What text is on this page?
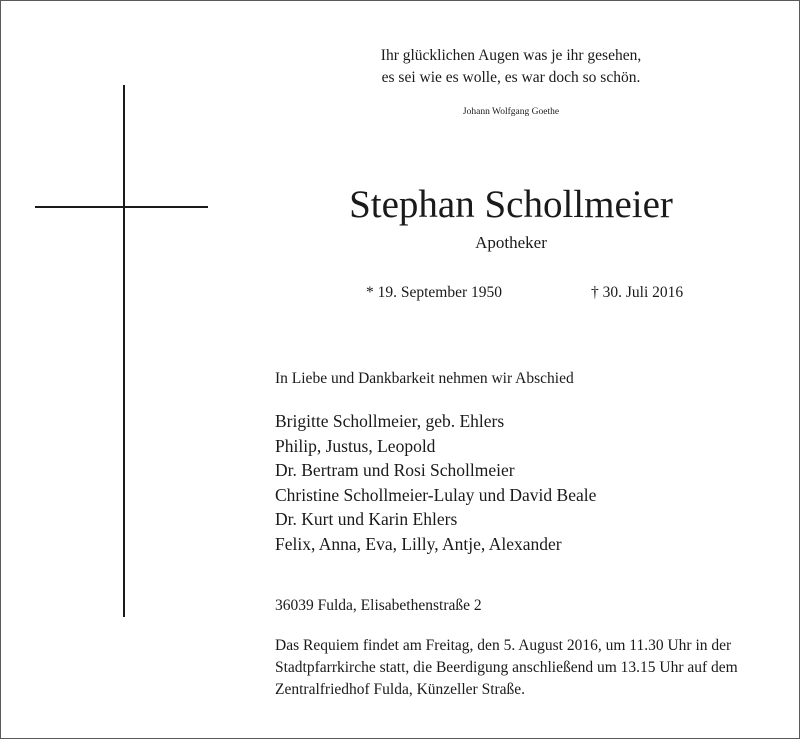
Ihr glücklichen Augen was je ihr gesehen,
es sei wie es wolle, es war doch so schön.
Johann Wolfgang Goethe
Stephan Schollmeier
Apotheker
* 19. September 1950	† 30. Juli 2016
In Liebe und Dankbarkeit nehmen wir Abschied
Brigitte Schollmeier, geb. Ehlers
Philip, Justus, Leopold
Dr. Bertram und Rosi Schollmeier
Christine Schollmeier-Lulay und David Beale
Dr. Kurt und Karin Ehlers
Felix, Anna, Eva, Lilly, Antje, Alexander
36039 Fulda, Elisabethenstraße 2
Das Requiem findet am Freitag, den 5. August 2016, um 11.30 Uhr in der
Stadtpfarrkirche statt, die Beerdigung anschließend um 13.15 Uhr auf dem
Zentralfriedhof Fulda, Künzeller Straße.
